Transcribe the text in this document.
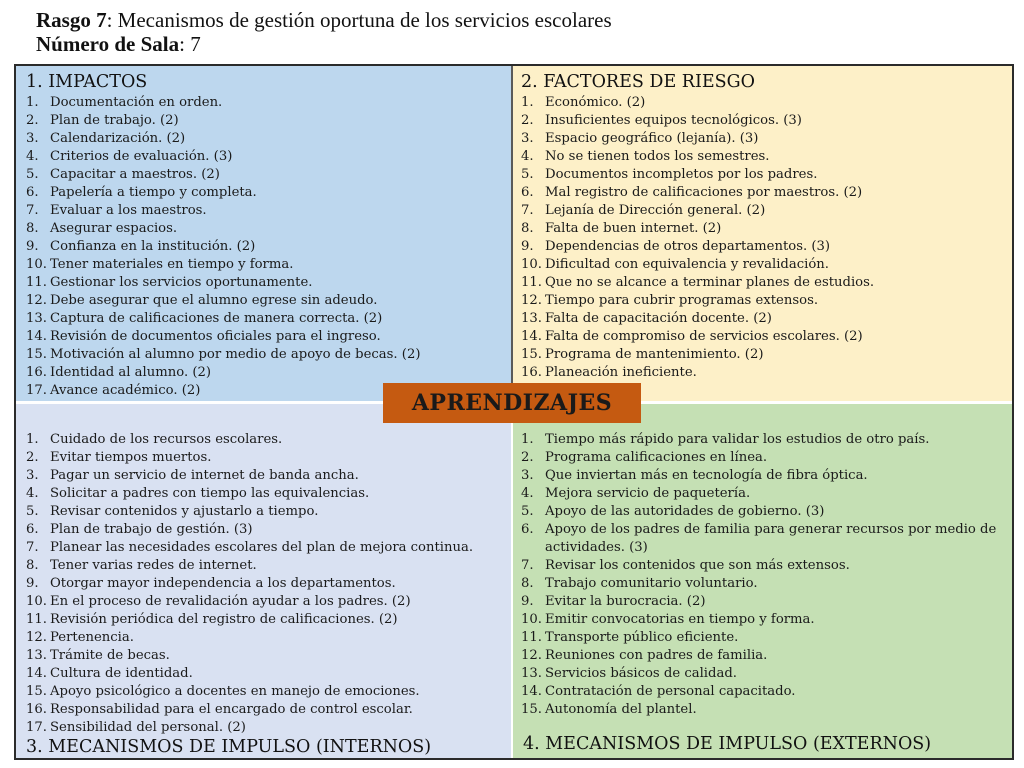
Rasgo 7: Mecanismos de gestión oportuna de los servicios escolares
Número de Sala: 7
1. IMPACTOS
1. Documentación en orden.
2. Plan de trabajo. (2)
3. Calendarización. (2)
4. Criterios de evaluación. (3)
5. Capacitar a maestros. (2)
6. Papelería a tiempo y completa.
7. Evaluar a los maestros.
8. Asegurar espacios.
9. Confianza en la institución. (2)
10. Tener materiales en tiempo y forma.
11. Gestionar los servicios oportunamente.
12. Debe asegurar que el alumno egrese sin adeudo.
13. Captura de calificaciones de manera correcta. (2)
14. Revisión de documentos oficiales para el ingreso.
15. Motivación al alumno por medio de apoyo de becas. (2)
16. Identidad al alumno. (2)
17. Avance académico. (2)
2. FACTORES DE RIESGO
1. Económico. (2)
2. Insuficientes equipos tecnológicos. (3)
3. Espacio geográfico (lejanía). (3)
4. No se tienen todos los semestres.
5. Documentos incompletos por los padres.
6. Mal registro de calificaciones por maestros. (2)
7. Lejanía de Dirección general. (2)
8. Falta de buen internet. (2)
9. Dependencias de otros departamentos. (3)
10. Dificultad con equivalencia y revalidación.
11. Que no se alcance a terminar planes de estudios.
12. Tiempo para cubrir programas extensos.
13. Falta de capacitación docente. (2)
14. Falta de compromiso de servicios escolares. (2)
15. Programa de mantenimiento. (2)
16. Planeación ineficiente.
1. Cuidado de los recursos escolares.
2. Evitar tiempos muertos.
3. Pagar un servicio de internet de banda ancha.
4. Solicitar a padres con tiempo las equivalencias.
5. Revisar contenidos y ajustarlo a tiempo.
6. Plan de trabajo de gestión. (3)
7. Planear las necesidades escolares del plan de mejora continua.
8. Tener varias redes de internet.
9. Otorgar mayor independencia a los departamentos.
10. En el proceso de revalidación ayudar a los padres. (2)
11. Revisión periódica del registro de calificaciones. (2)
12. Pertenencia.
13. Trámite de becas.
14. Cultura de identidad.
15. Apoyo psicológico a docentes en manejo de emociones.
16. Responsabilidad para el encargado de control escolar.
17. Sensibilidad del personal. (2)
3. MECANISMOS DE IMPULSO (INTERNOS)
1. Tiempo más rápido para validar los estudios de otro país.
2. Programa calificaciones en línea.
3. Que inviertan más en tecnología de fibra óptica.
4. Mejora servicio de paquetería.
5. Apoyo de las autoridades de gobierno. (3)
6. Apoyo de los padres de familia para generar recursos por medio de actividades. (3)
7. Revisar los contenidos que son más extensos.
8. Trabajo comunitario voluntario.
9. Evitar la burocracia. (2)
10. Emitir convocatorias en tiempo y forma.
11. Transporte público eficiente.
12. Reuniones con padres de familia.
13. Servicios básicos de calidad.
14. Contratación de personal capacitado.
15. Autonomía del plantel.
4. MECANISMOS DE IMPULSO (EXTERNOS)
APRENDIZAJES
